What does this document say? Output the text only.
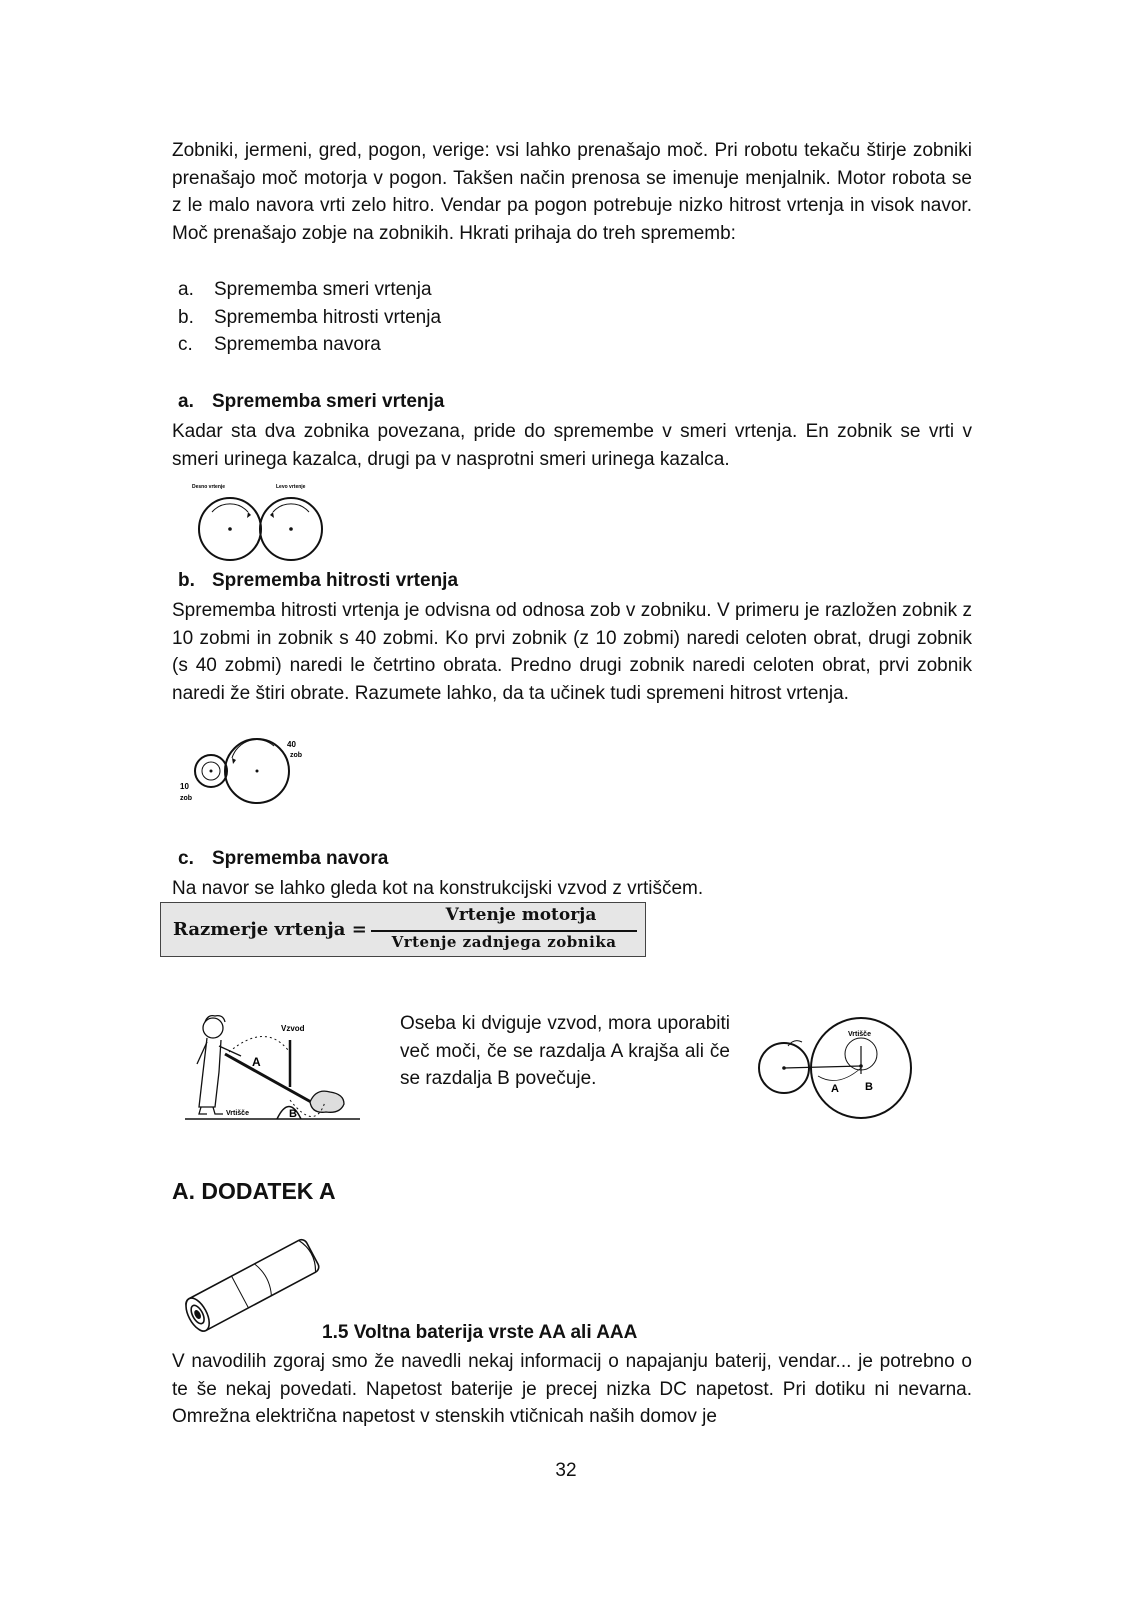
Zobniki, jermeni, gred, pogon, verige: vsi lahko prenašajo moč. Pri robotu tekaču štirje zobniki prenašajo moč motorja v pogon. Takšen način prenosa se imenuje menjalnik. Motor robota se z le malo navora vrti zelo hitro. Vendar pa pogon potrebuje nizko hitrost vrtenja in visok navor. Moč prenašajo zobje na zobnikih. Hkrati prihaja do treh sprememb:
a.	Sprememba smeri vrtenja
b.	Sprememba hitrosti vrtenja
c.	Sprememba navora
a. Sprememba smeri vrtenja
Kadar sta dva zobnika povezana, pride do spremembe v smeri vrtenja. En zobnik se vrti v smeri urinega kazalca, drugi pa v nasprotni smeri urinega kazalca.
Desno vrtenje	Levo vrtenje
b. Sprememba hitrosti vrtenja
Sprememba hitrosti vrtenja je odvisna od odnosa zob v zobniku. V primeru je razložen zobnik z 10 zobmi in zobnik s 40 zobmi. Ko prvi zobnik (z 10 zobmi) naredi celoten obrat, drugi zobnik (s 40 zobmi) naredi le četrtino obrata. Predno drugi zobnik naredi celoten obrat, prvi zobnik naredi že štiri obrate. Razumete lahko, da ta učinek tudi spremeni hitrost vrtenja.
40
zob
10
zob
c. Sprememba navora
Na navor se lahko gleda kot na konstrukcijski vzvod z vrtiščem.
Razmerje vrtenja =
Vrtenje motorja
Vrtenje zadnjega zobnika
Vzvod
A
Vrtišče	B
Oseba ki dviguje vzvod, mora uporabiti več moči, če se razdalja A krajša ali če se razdalja B povečuje.
Vrtišče
A B
A. DODATEK A
1.5 Voltna baterija vrste AA ali AAA
V navodilih zgoraj smo že navedli nekaj informacij o napajanju baterij, vendar... je potrebno o te še nekaj povedati. Napetost baterije je precej nizka DC napetost. Pri dotiku ni nevarna. Omrežna električna napetost v stenskih vtičnicah naših domov je
32
